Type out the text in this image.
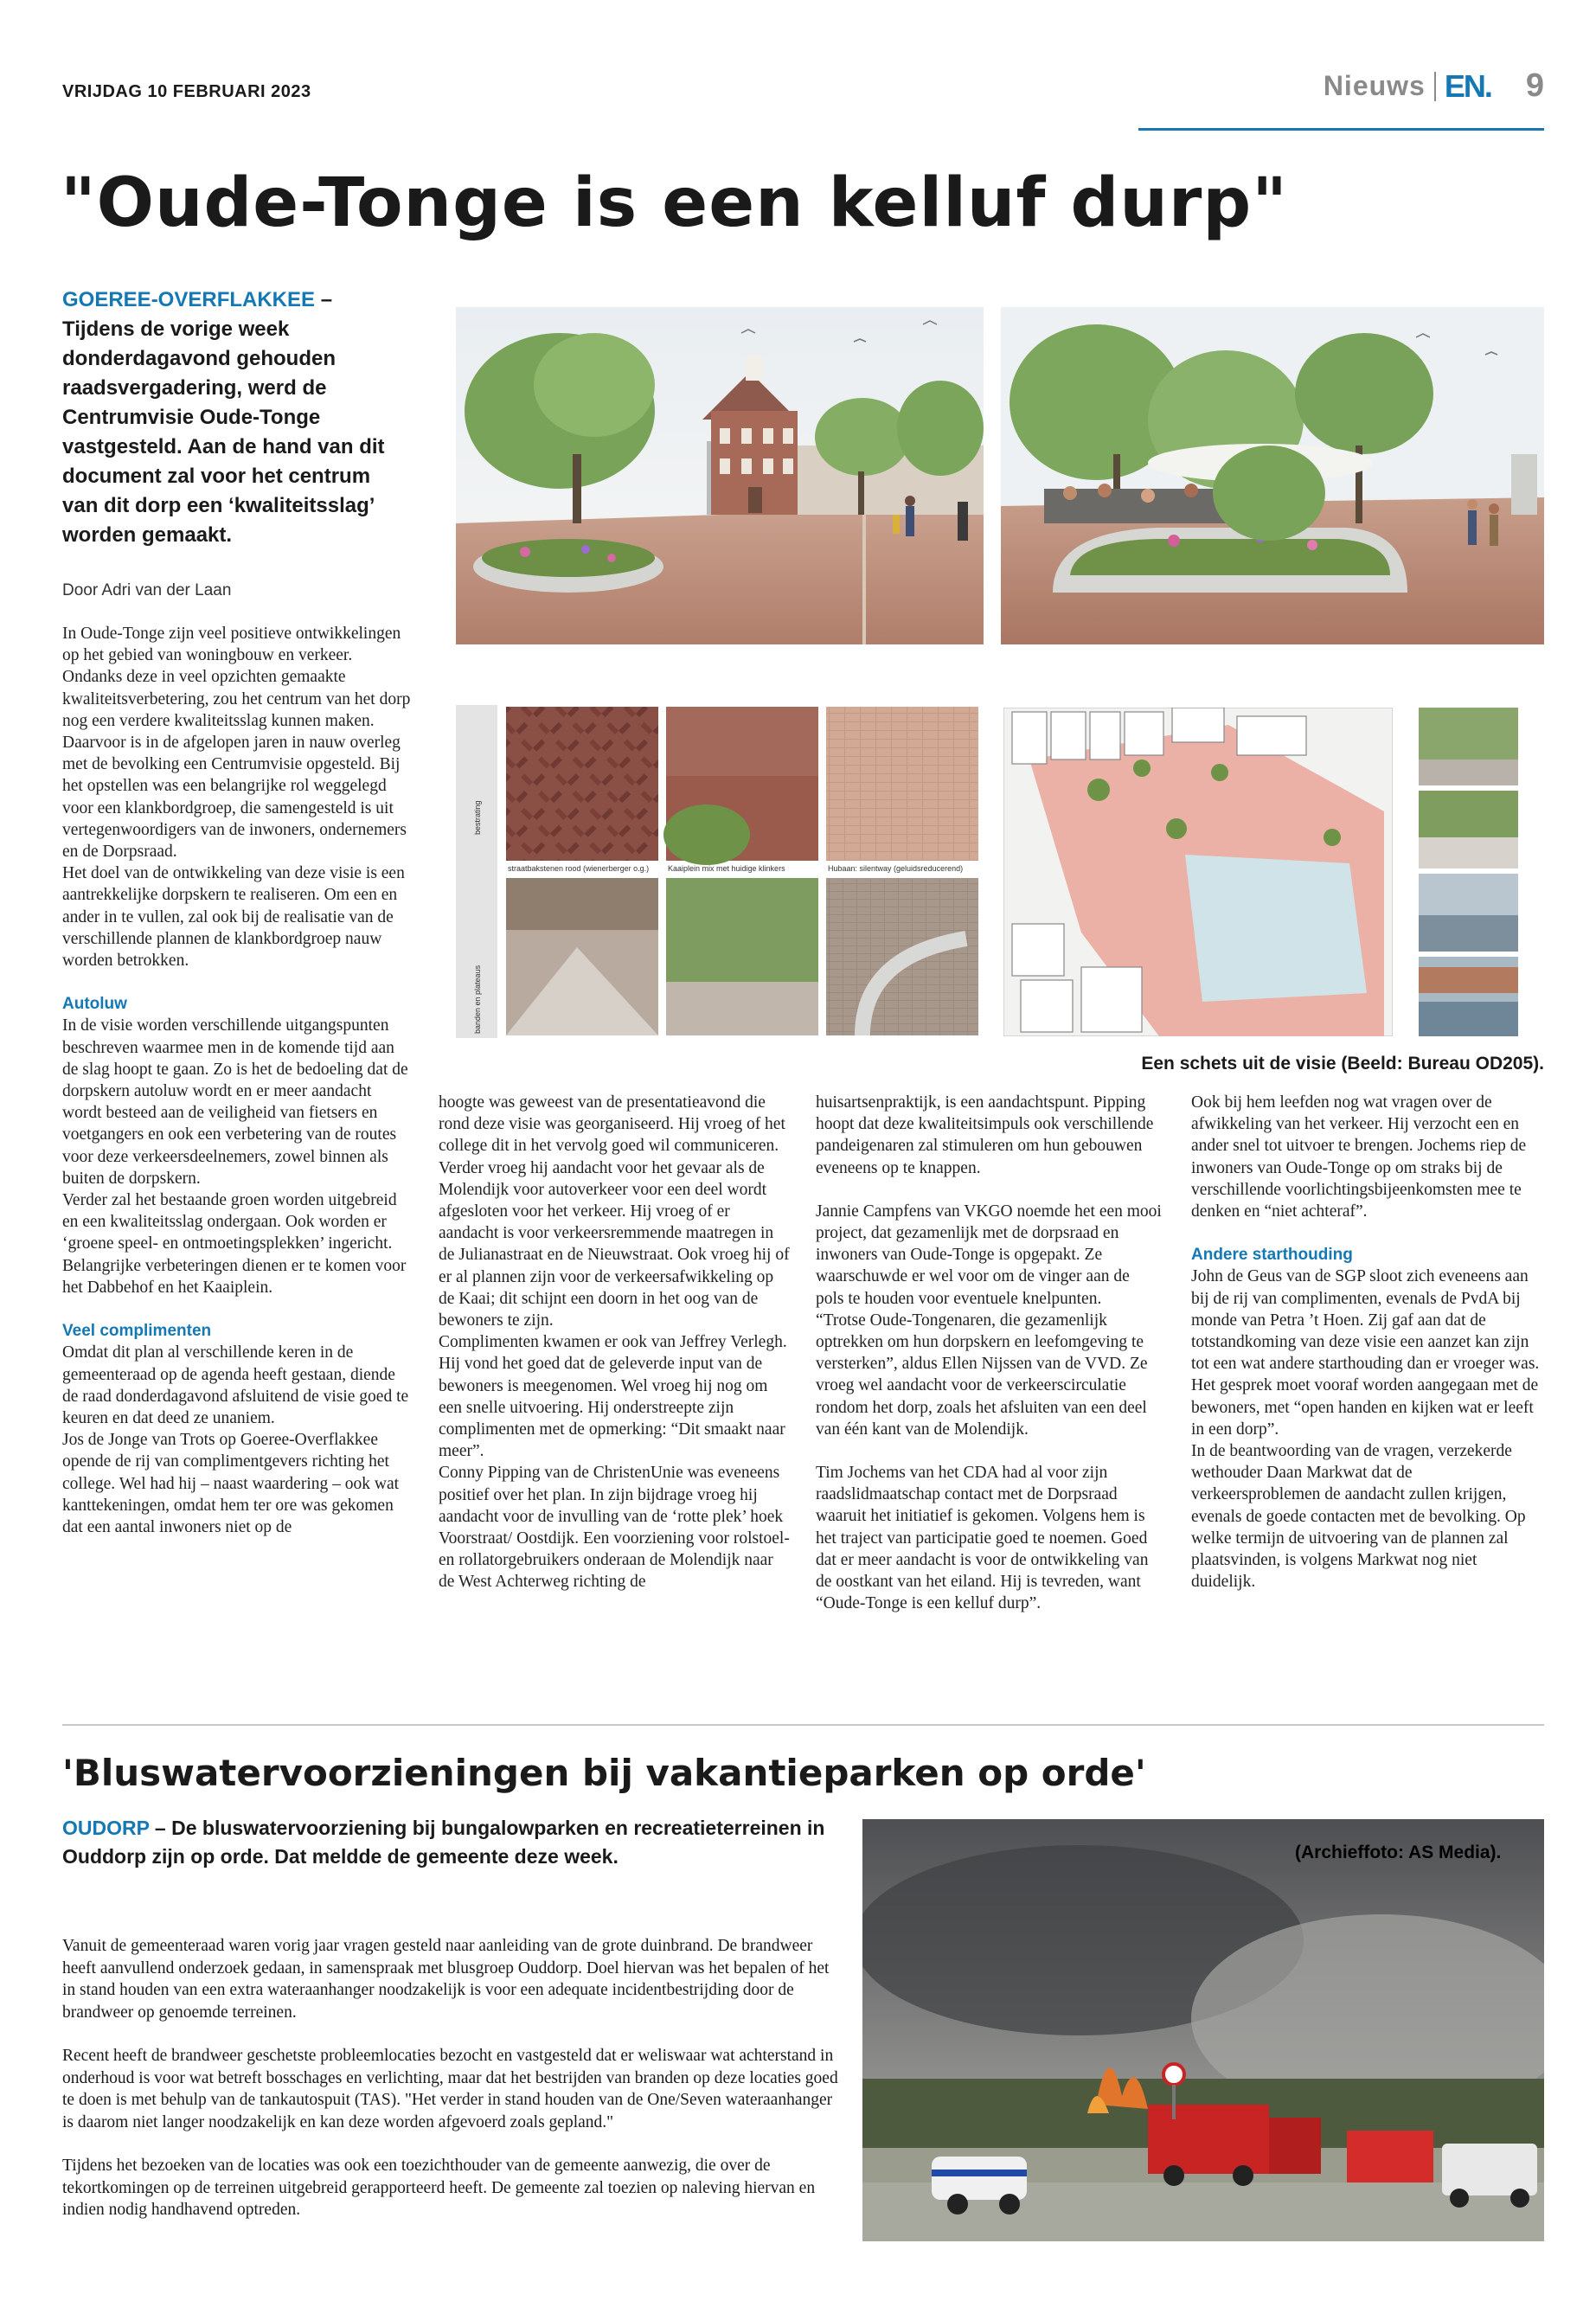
VRIJDAG 10 FEBRUARI 2023	Nieuws EN. 9
"Oude-Tonge is een kelluf durp"
GOEREE-OVERFLAKKEE – Tijdens de vorige week donderdagavond gehouden raadsvergadering, werd de Centrumvisie Oude-Tonge vastgesteld. Aan de hand van dit document zal voor het centrum van dit dorp een ‘kwaliteitsslag’ worden gemaakt.
Door Adri van der Laan

In Oude-Tonge zijn veel positieve ontwikkelingen op het gebied van woningbouw en verkeer. Ondanks deze in veel opzichten gemaakte kwaliteitsverbetering, zou het centrum van het dorp nog een verdere kwaliteitsslag kunnen maken. Daarvoor is in de afgelopen jaren in nauw overleg met de bevolking een Centrumvisie opgesteld. Bij het opstellen was een belangrijke rol weggelegd voor een klankbordgroep, die samengesteld is uit vertegenwoordigers van de inwoners, ondernemers en de Dorpsraad.

Het doel van de ontwikkeling van deze visie is een aantrekkelijke dorpskern te realiseren. Om een en ander in te vullen, zal ook bij de realisatie van de verschillende plannen de klankbordgroep nauw worden betrokken.

Autoluw

In de visie worden verschillende uitgangspunten beschreven waarmee men in de komende tijd aan de slag hoopt te gaan. Zo is het de bedoeling dat de dorpskern autoluw wordt en er meer aandacht wordt besteed aan de veiligheid van fietsers en voetgangers en ook een verbetering van de routes voor deze verkeersdeelnemers, zowel binnen als buiten de dorpskern.

Verder zal het bestaande groen worden uitgebreid en een kwaliteitsslag ondergaan. Ook worden er ‘groene speel- en ontmoetingsplekken’ ingericht. Belangrijke verbeteringen dienen er te komen voor het Dabbehof en het Kaaiplein.

Veel complimenten

Omdat dit plan al verschillende keren in de gemeenteraad op de agenda heeft gestaan, diende de raad donderdagavond afsluitend de visie goed te keuren en dat deed ze unaniem.

Jos de Jonge van Trots op Goeree-Overflakkee opende de rij van complimentgevers richting het college. Wel had hij – naast waardering – ook wat kanttekeningen, omdat hem ter ore was gekomen dat een aantal inwoners niet op de

hoogte was geweest van de presentatieavond die rond deze visie was georganiseerd. Hij vroeg of het college dit in het vervolg goed wil communiceren. Verder vroeg hij aandacht voor het gevaar als de Molendijk voor autoverkeer voor een deel wordt afgesloten voor het verkeer. Hij vroeg of er aandacht is voor verkeersremmende maatregen in de Julianastraat en de Nieuwstraat. Ook vroeg hij of er al plannen zijn voor de verkeersafwikkeling op de Kaai; dit schijnt een doorn in het oog van de bewoners te zijn.

Complimenten kwamen er ook van Jeffrey Verlegh. Hij vond het goed dat de geleverde input van de bewoners is meegenomen. Wel vroeg hij nog om een snelle uitvoering. Hij onderstreepte zijn complimenten met de opmerking: “Dit smaakt naar meer”.

Conny Pipping van de ChristenUnie was eveneens positief over het plan. In zijn bijdrage vroeg hij aandacht voor de invulling van de ‘rotte plek’ hoek Voorstraat/ Oostdijk. Een voorziening voor rolstoel- en rollatorgebruikers onderaan de Molendijk naar de West Achterweg richting de

huisartsenpraktijk, is een aandachtspunt. Pipping hoopt dat deze kwaliteitsimpuls ook verschillende pandeigenaren zal stimuleren om hun gebouwen eveneens op te knappen.

Jannie Campfens van VKGO noemde het een mooi project, dat gezamenlijk met de dorpsraad en inwoners van Oude-Tonge is opgepakt. Ze waarschuwde er wel voor om de vinger aan de pols te houden voor eventuele knelpunten.

“Trotse Oude-Tongenaren, die gezamenlijk optrekken om hun dorpskern en leefomgeving te versterken”, aldus Ellen Nijssen van de VVD. Ze vroeg wel aandacht voor de verkeerscirculatie rondom het dorp, zoals het afsluiten van een deel van één kant van de Molendijk.

Tim Jochems van het CDA had al voor zijn raadslidmaatschap contact met de Dorpsraad waaruit het initiatief is gekomen. Volgens hem is het traject van participatie goed te noemen. Goed dat er meer aandacht is voor de ontwikkeling van de oostkant van het eiland. Hij is tevreden, want “Oude-Tonge is een kelluf durp”.

Ook bij hem leefden nog wat vragen over de afwikkeling van het verkeer. Hij verzocht een en ander snel tot uitvoer te brengen. Jochems riep de inwoners van Oude-Tonge op om straks bij de verschillende voorlichtingsbijeenkomsten mee te denken en “niet achteraf”.

Andere starthouding

John de Geus van de SGP sloot zich eveneens aan bij de rij van complimenten, evenals de PvdA bij monde van Petra ’t Hoen. Zij gaf aan dat de totstandkoming van deze visie een aanzet kan zijn tot een wat andere starthouding dan er vroeger was. Het gesprek moet vooraf worden aangegaan met de bewoners, met “open handen en kijken wat er leeft in een dorp”.

In de beantwoording van de vragen, verzekerde wethouder Daan Markwat dat de verkeersproblemen de aandacht zullen krijgen, evenals de goede contacten met de bevolking. Op welke termijn de uitvoering van de plannen zal plaatsvinden, is volgens Markwat nog niet duidelijk.

bestrating
banden en plateaus
straatbakstenen rood (wienerberger o.g.) Kaaiplein mix met huidige klinkers	Hubaan: silentway (geluidsreducerend)
Een schets uit de visie (Beeld: Bureau OD205).
'Bluswatervoorzieningen bij vakantieparken op orde'
OUDORP – De bluswatervoorziening bij bungalowparken en recreatieterreinen in Ouddorp zijn op orde. Dat meldde de gemeente deze week.

Vanuit de gemeenteraad waren vorig jaar vragen gesteld naar aanleiding van de grote duinbrand. De brandweer heeft aanvullend onderzoek gedaan, in samenspraak met blusgroep Ouddorp. Doel hiervan was het bepalen of het in stand houden van een extra wateraanhanger noodzakelijk is voor een adequate incidentbestrijding door de brandweer op genoemde terreinen.

Recent heeft de brandweer geschetste probleemlocaties bezocht en vastgesteld dat er weliswaar wat achterstand in onderhoud is voor wat betreft bosschages en verlichting, maar dat het bestrijden van branden op deze locaties goed te doen is met behulp van de tankautospuit (TAS). "Het verder in stand houden van de One/Seven wateraanhanger is daarom niet langer noodzakelijk en kan deze worden afgevoerd zoals gepland."

Tijdens het bezoeken van de locaties was ook een toezichthouder van de gemeente aanwezig, die over de tekortkomingen op de terreinen uitgebreid gerapporteerd heeft. De gemeente zal toezien op naleving hiervan en indien nodig handhavend optreden.

(Archieffoto: AS Media).
